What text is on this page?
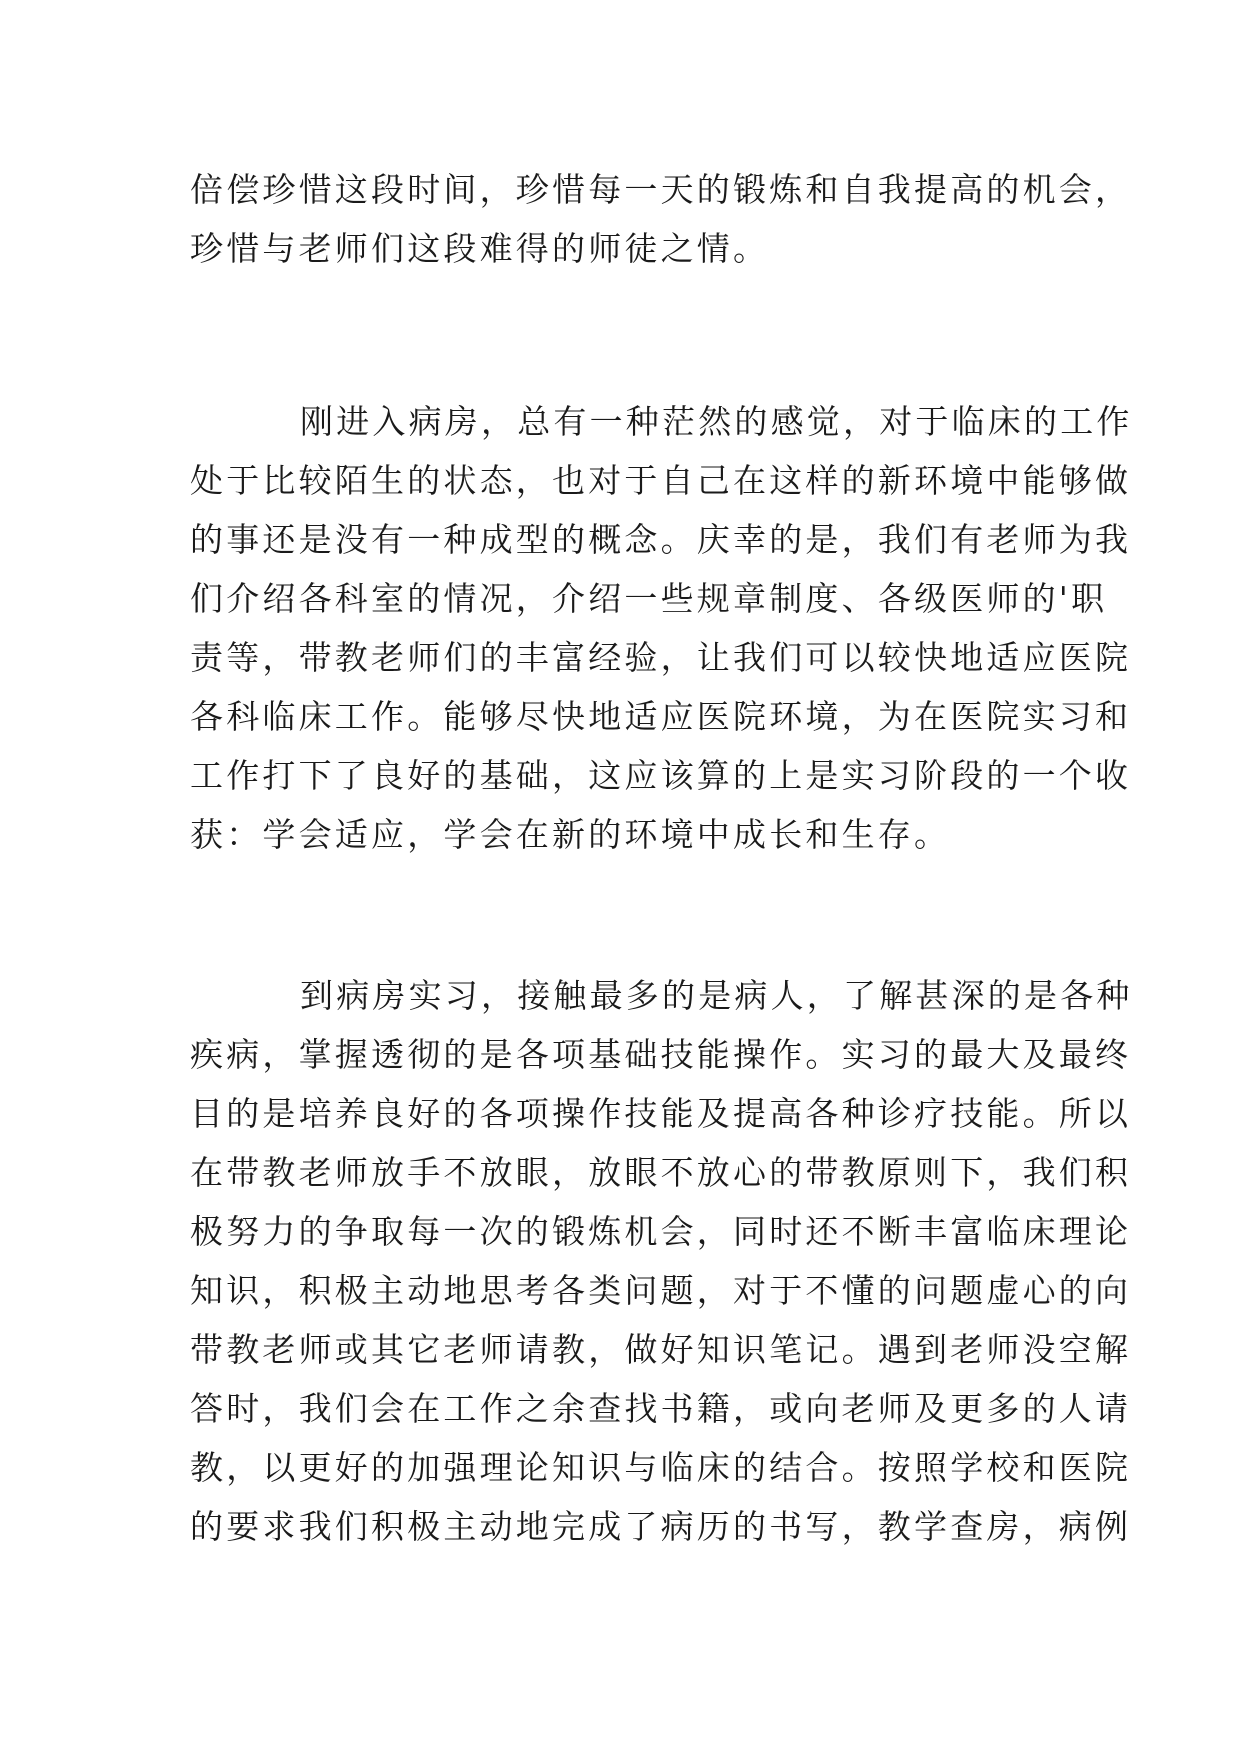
倍偿珍惜这段时间，珍惜每一天的锻炼和自我提高的机会，
珍惜与老师们这段难得的师徒之情。
刚进入病房，总有一种茫然的感觉，对于临床的工作
处于比较陌生的状态，也对于自己在这样的新环境中能够做
的事还是没有一种成型的概念。庆幸的是，我们有老师为我
们介绍各科室的情况，介绍一些规章制度、各级医师的'职
责等，带教老师们的丰富经验，让我们可以较快地适应医院
各科临床工作。能够尽快地适应医院环境，为在医院实习和
工作打下了良好的基础，这应该算的上是实习阶段的一个收
获：学会适应，学会在新的环境中成长和生存。
到病房实习，接触最多的是病人，了解甚深的是各种
疾病，掌握透彻的是各项基础技能操作。实习的最大及最终
目的是培养良好的各项操作技能及提高各种诊疗技能。所以
在带教老师放手不放眼，放眼不放心的带教原则下，我们积
极努力的争取每一次的锻炼机会，同时还不断丰富临床理论
知识，积极主动地思考各类问题，对于不懂的问题虚心的向
带教老师或其它老师请教，做好知识笔记。遇到老师没空解
答时，我们会在工作之余查找书籍，或向老师及更多的人请
教，以更好的加强理论知识与临床的结合。按照学校和医院
的要求我们积极主动地完成了病历的书写，教学查房，病例
